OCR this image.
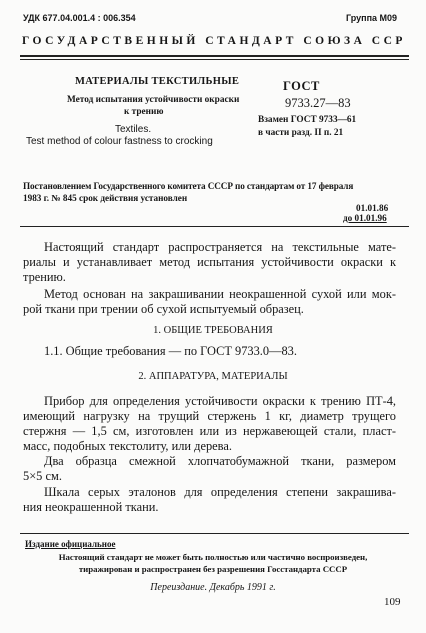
УДК 677.04.001.4 : 006.354	Группа М09
ГОСУДАРСТВЕННЫЙ СТАНДАРТ СОЮЗА ССР
МАТЕРИАЛЫ ТЕКСТИЛЬНЫЕ
Метод испытания устойчивости окраски
к трению
Textiles.
Test method of colour fastness to crocking
ГОСТ
9733.27—83
Взамен ГОСТ 9733—61
в части разд. II п. 21
Постановлением Государственного комитета СССР по стандартам от 17 февраля
1983 г. № 845 срок действия установлен
01.01.86
до 01.01.96
Настоящий стандарт распространяется на текстильные мате-
риалы и устанавливает метод испытания устойчивости окраски к
трению.
Метод основан на закрашивании неокрашенной сухой или мок-
рой ткани при трении об сухой испытуемый образец.
1. ОБЩИЕ ТРЕБОВАНИЯ
1.1. Общие требования — по ГОСТ 9733.0—83.
2. АППАРАТУРА, МАТЕРИАЛЫ
Прибор для определения устойчивости окраски к трению ПТ-4,
имеющий нагрузку на трущий стержень 1 кг, диаметр трущего
стержня — 1,5 см, изготовлен или из нержавеющей стали, пласт-
масс, подобных текстолиту, или дерева.
Два образца смежной хлопчатобумажной ткани, размером
5×5 см.
Шкала серых эталонов для определения степени закрашива-
ния неокрашенной ткани.
Издание официальное
Настоящий стандарт не может быть полностью или частично воспроизведен,
тиражирован и распространен без разрешения Госстандарта СССР
Переиздание. Декабрь 1991 г.
109
